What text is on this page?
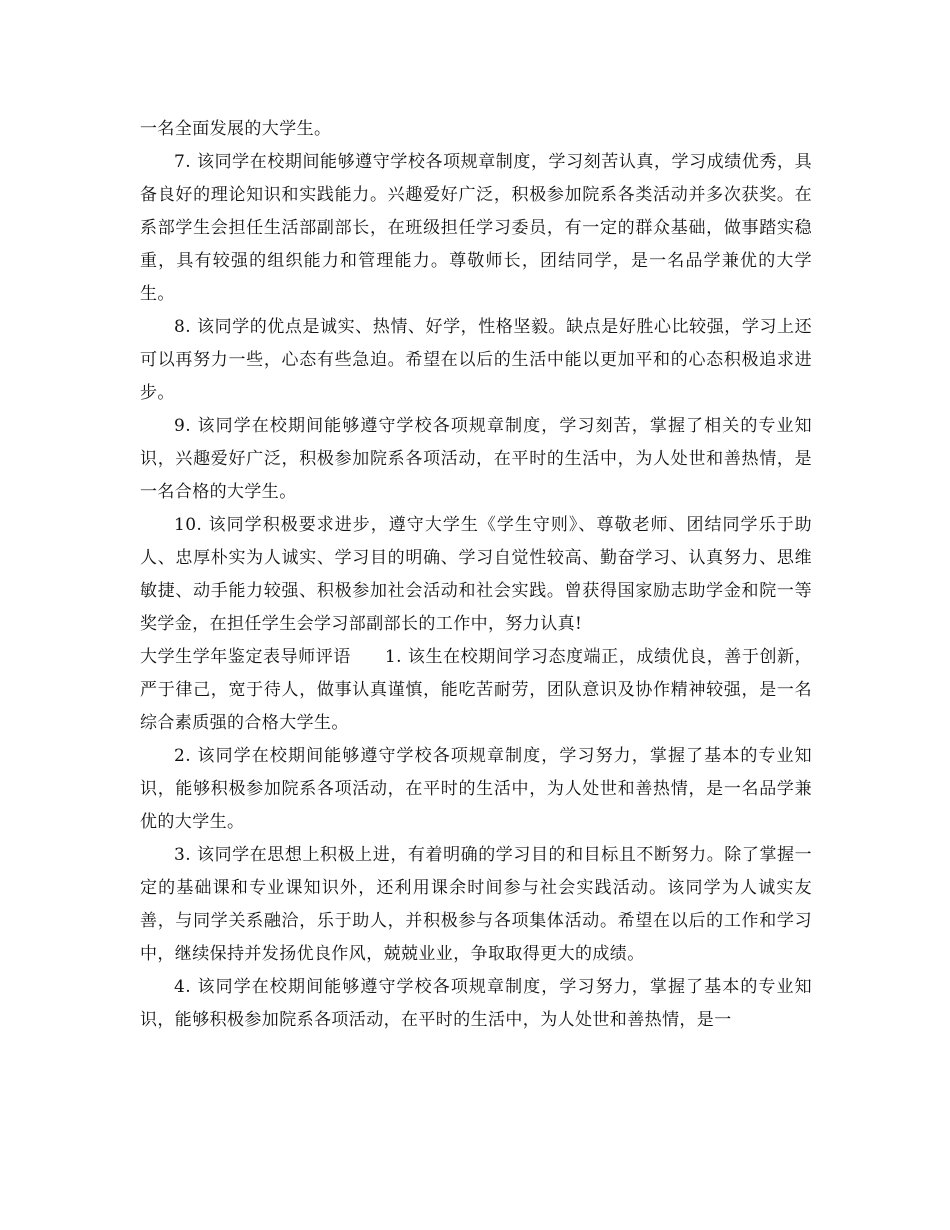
一名全面发展的大学生。

7. 该同学在校期间能够遵守学校各项规章制度，学习刻苦认真，学习成绩优秀，具备良好的理论知识和实践能力。兴趣爱好广泛，积极参加院系各类活动并多次获奖。在系部学生会担任生活部副部长，在班级担任学习委员，有一定的群众基础，做事踏实稳重，具有较强的组织能力和管理能力。尊敬师长，团结同学，是一名品学兼优的大学生。

8. 该同学的优点是诚实、热情、好学，性格坚毅。缺点是好胜心比较强，学习上还可以再努力一些，心态有些急迫。希望在以后的生活中能以更加平和的心态积极追求进步。

9. 该同学在校期间能够遵守学校各项规章制度，学习刻苦，掌握了相关的专业知识，兴趣爱好广泛，积极参加院系各项活动，在平时的生活中，为人处世和善热情，是一名合格的大学生。

10. 该同学积极要求进步，遵守大学生《学生守则》、尊敬老师、团结同学乐于助人、忠厚朴实为人诚实、学习目的明确、学习自觉性较高、勤奋学习、认真努力、思维敏捷、动手能力较强、积极参加社会活动和社会实践。曾获得国家励志助学金和院一等奖学金，在担任学生会学习部副部长的工作中，努力认真!

大学生学年鉴定表导师评语 1. 该生在校期间学习态度端正，成绩优良，善于创新，严于律己，宽于待人，做事认真谨慎，能吃苦耐劳，团队意识及协作精神较强，是一名综合素质强的合格大学生。

2. 该同学在校期间能够遵守学校各项规章制度，学习努力，掌握了基本的专业知识，能够积极参加院系各项活动，在平时的生活中，为人处世和善热情，是一名品学兼优的大学生。

3. 该同学在思想上积极上进，有着明确的学习目的和目标且不断努力。除了掌握一定的基础课和专业课知识外，还利用课余时间参与社会实践活动。该同学为人诚实友善，与同学关系融洽，乐于助人，并积极参与各项集体活动。希望在以后的工作和学习中，继续保持并发扬优良作风，兢兢业业，争取取得更大的成绩。

4. 该同学在校期间能够遵守学校各项规章制度，学习努力，掌握了基本的专业知识，能够积极参加院系各项活动，在平时的生活中，为人处世和善热情，是一
